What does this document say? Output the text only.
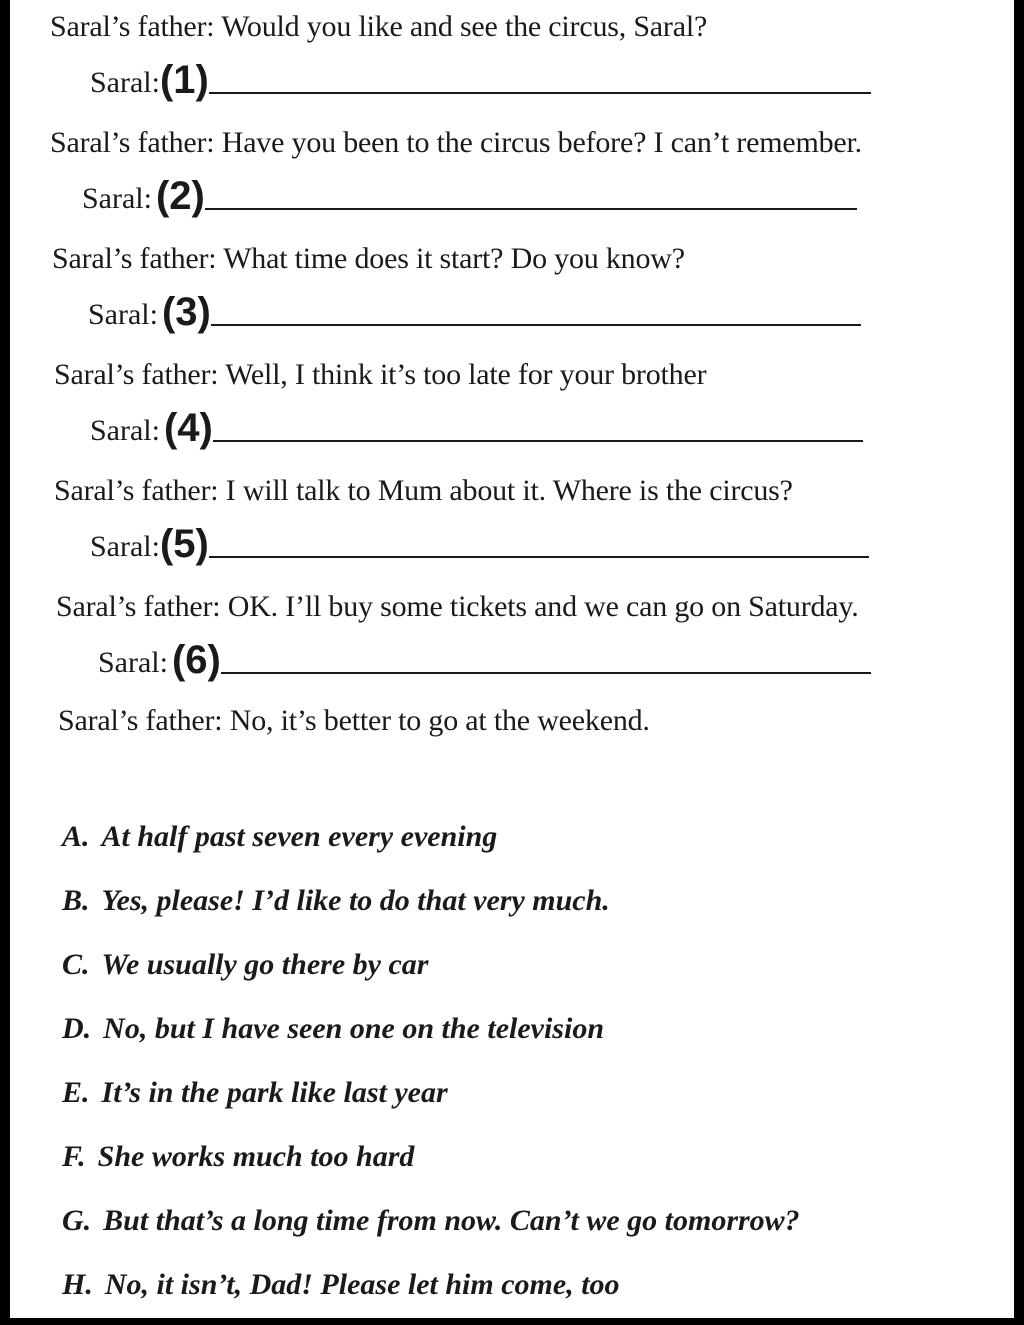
Saral’s father: Would you like and see the circus, Saral?
Saral: (1)
Saral’s father: Have you been to the circus before? I can’t remember.
Saral: (2)
Saral’s father: What time does it start? Do you know?
Saral: (3)
Saral’s father: Well, I think it’s too late for your brother
Saral: (4)
Saral’s father: I will talk to Mum about it. Where is the circus?
Saral: (5)
Saral’s father: OK. I’ll buy some tickets and we can go on Saturday.
Saral: (6)
Saral’s father: No, it’s better to go at the weekend.
A. At half past seven every evening
B. Yes, please! I’d like to do that very much.
C. We usually go there by car
D. No, but I have seen one on the television
E. It’s in the park like last year
F. She works much too hard
G. But that’s a long time from now. Can’t we go tomorrow?
H. No, it isn’t, Dad! Please let him come, too
